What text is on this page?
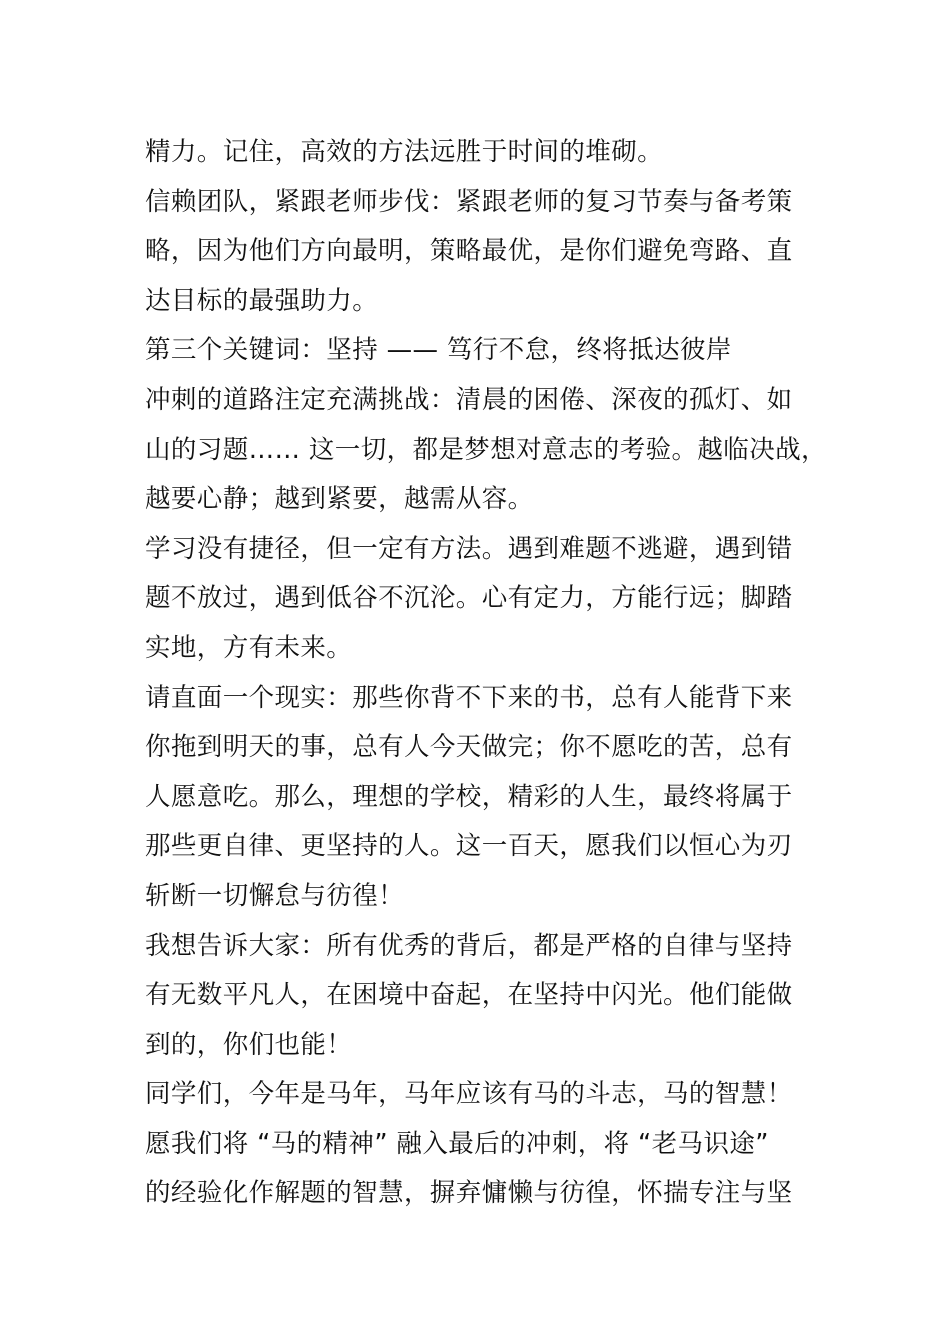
精力。记住，高效的方法远胜于时间的堆砌。
信赖团队，紧跟老师步伐：紧跟老师的复习节奏与备考策
略，因为他们方向最明，策略最优，是你们避免弯路、直
达目标的最强助力。
第三个关键词：坚持 —— 笃行不怠，终将抵达彼岸
冲刺的道路注定充满挑战：清晨的困倦、深夜的孤灯、如
山的习题…… 这一切，都是梦想对意志的考验。越临决战，
越要心静；越到紧要，越需从容。
学习没有捷径，但一定有方法。遇到难题不逃避，遇到错
题不放过，遇到低谷不沉沦。心有定力，方能行远；脚踏
实地，方有未来。
请直面一个现实：那些你背不下来的书，总有人能背下来
你拖到明天的事，总有人今天做完；你不愿吃的苦，总有
人愿意吃。那么，理想的学校，精彩的人生，最终将属于
那些更自律、更坚持的人。这一百天，愿我们以恒心为刃
斩断一切懈怠与彷徨！
我想告诉大家：所有优秀的背后，都是严格的自律与坚持
有无数平凡人，在困境中奋起，在坚持中闪光。他们能做
到的，你们也能！
同学们，今年是马年，马年应该有马的斗志，马的智慧！
愿我们将 “马的精神” 融入最后的冲刺，将 “老马识途”
的经验化作解题的智慧，摒弃慵懒与彷徨，怀揣专注与坚
